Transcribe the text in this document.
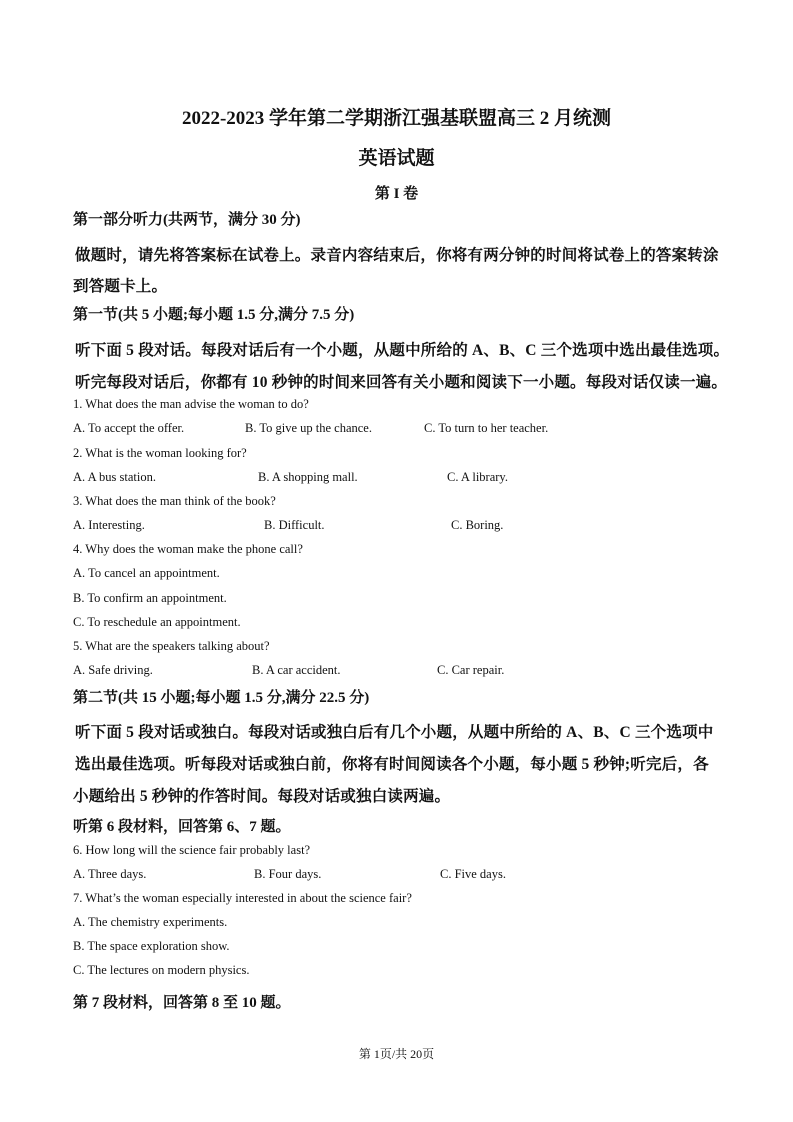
2022-2023 学年第二学期浙江强基联盟高三 2 月统测
英语试题
第 I 卷
第一部分听力(共两节，满分 30 分)
做题时，请先将答案标在试卷上。录音内容结束后，你将有两分钟的时间将试卷上的答案转涂
到答题卡上。
第一节(共 5 小题;每小题 1.5 分,满分 7.5 分)
听下面 5 段对话。每段对话后有一个小题，从题中所给的 A、B、C 三个选项中选出最佳选项。
听完每段对话后，你都有 10 秒钟的时间来回答有关小题和阅读下一小题。每段对话仅读一遍。
1. What does the man advise the woman to do?
A. To accept the offer.	B. To give up the chance.	C. To turn to her teacher.
2. What is the woman looking for?
A. A bus station.	B. A shopping mall.	C. A library.
3. What does the man think of the book?
A. Interesting.	B. Difficult.	C. Boring.
4. Why does the woman make the phone call?
A. To cancel an appointment.
B. To confirm an appointment.
C. To reschedule an appointment.
5. What are the speakers talking about?
A. Safe driving.	B. A car accident.	C. Car repair.
第二节(共 15 小题;每小题 1.5 分,满分 22.5 分)
听下面 5 段对话或独白。每段对话或独白后有几个小题，从题中所给的 A、B、C 三个选项中
选出最佳选项。听每段对话或独白前，你将有时间阅读各个小题，每小题 5 秒钟;听完后，各
小题给出 5 秒钟的作答时间。每段对话或独白读两遍。
听第 6 段材料，回答第 6、7 题。
6. How long will the science fair probably last?
A. Three days.	B. Four days.	C. Five days.
7. What’s the woman especially interested in about the science fair?
A. The chemistry experiments.
B. The space exploration show.
C. The lectures on modern physics.
第 7 段材料，回答第 8 至 10 题。
第 1页/共 20页
